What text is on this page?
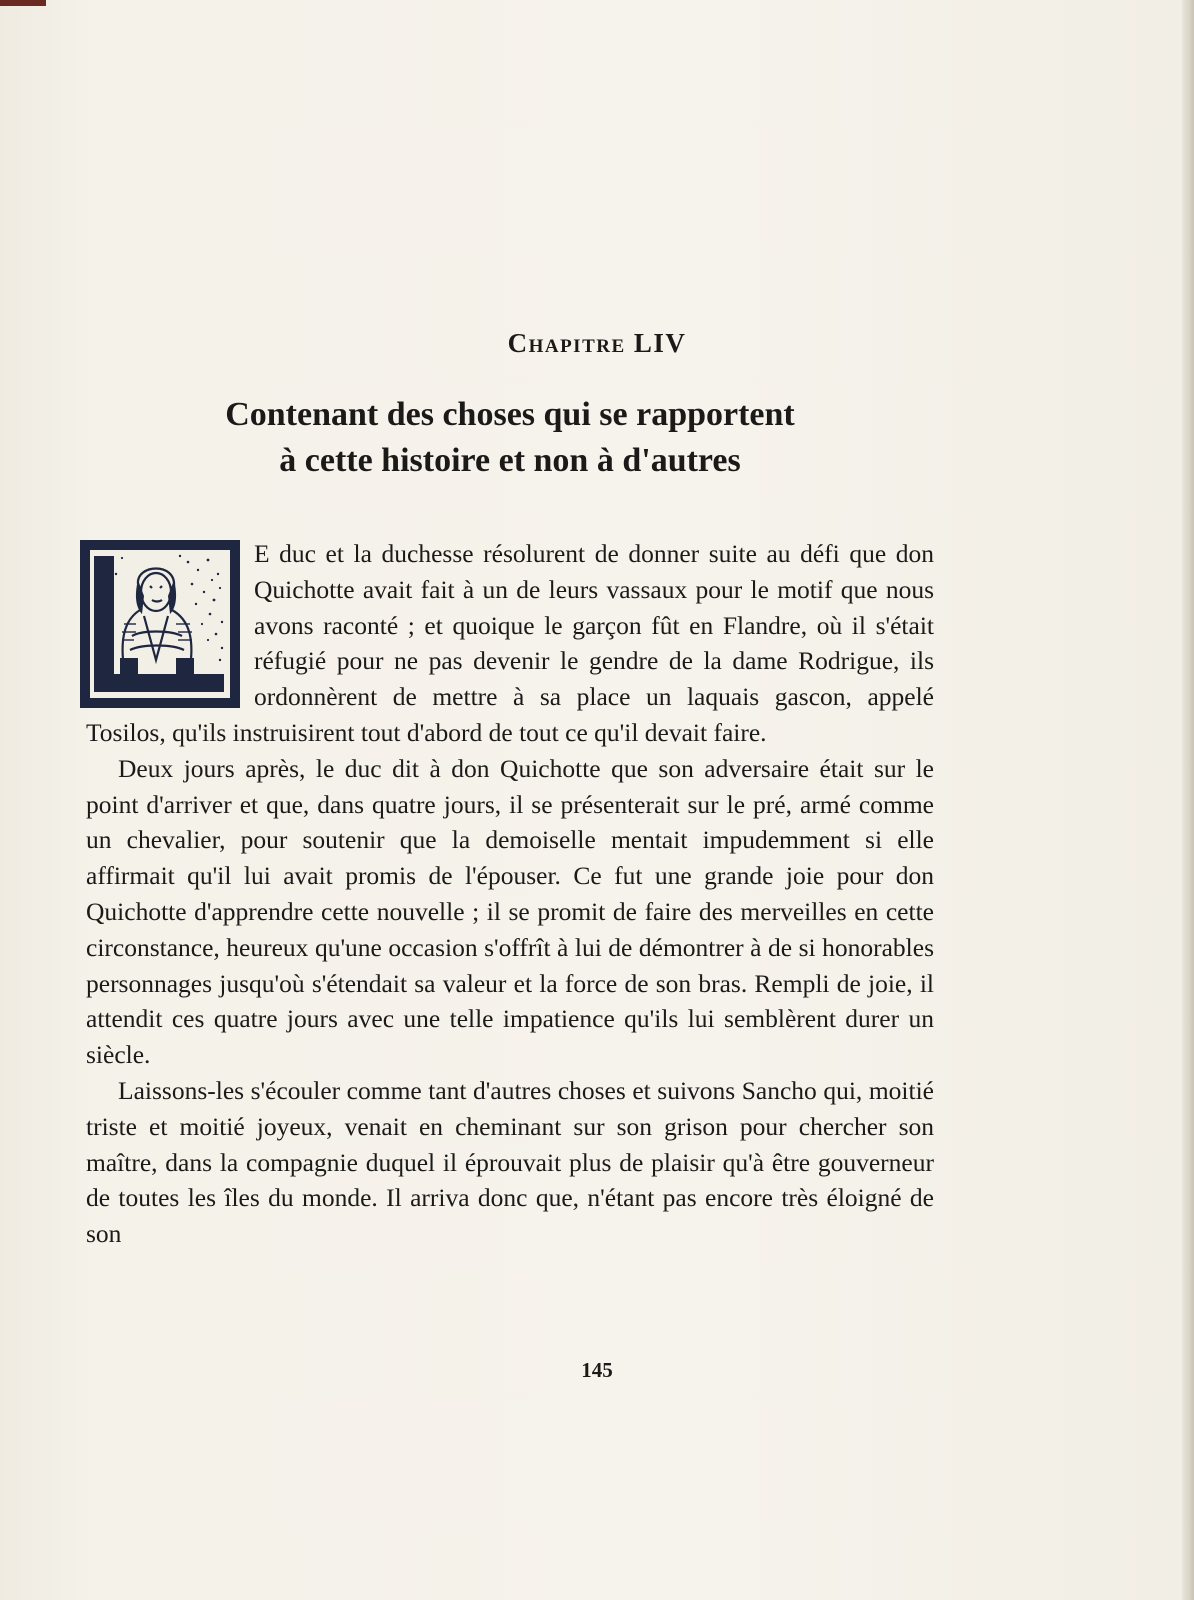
Chapitre LIV
Contenant des choses qui se rapportent
à cette histoire et non à d'autres

E duc et la duchesse résolurent de donner suite au défi que don Quichotte avait fait à un de leurs vassaux pour le motif que nous avons raconté ; et quoique le garçon fût en Flandre, où il s'était réfugié pour ne pas devenir le gendre de la dame Rodrigue, ils ordonnèrent de mettre à sa place un laquais gascon, appelé Tosilos, qu'ils instruisirent tout d'abord de tout ce qu'il devait faire.

Deux jours après, le duc dit à don Quichotte que son adversaire était sur le point d'arriver et que, dans quatre jours, il se présenterait sur le pré, armé comme un chevalier, pour soutenir que la demoiselle mentait impudemment si elle affirmait qu'il lui avait promis de l'épouser. Ce fut une grande joie pour don Quichotte d'apprendre cette nouvelle ; il se promit de faire des merveilles en cette circonstance, heureux qu'une occasion s'offrît à lui de démontrer à de si honorables personnages jusqu'où s'étendait sa valeur et la force de son bras. Rempli de joie, il attendit ces quatre jours avec une telle impatience qu'ils lui semblèrent durer un siècle.

Laissons-les s'écouler comme tant d'autres choses et suivons Sancho qui, moitié triste et moitié joyeux, venait en cheminant sur son grison pour chercher son maître, dans la compagnie duquel il éprouvait plus de plaisir qu'à être gouverneur de toutes les îles du monde. Il arriva donc que, n'étant pas encore très éloigné de son

145
